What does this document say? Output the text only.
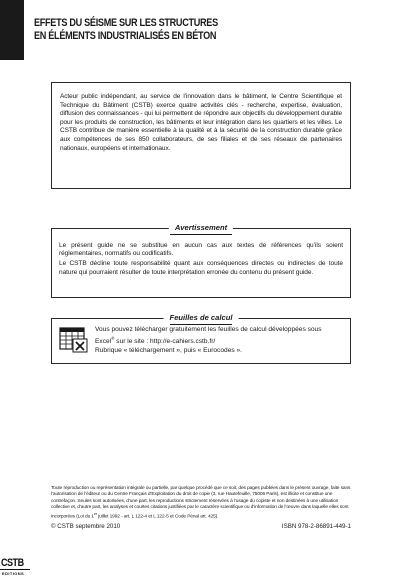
EFFETS DU SÉISME SUR LES STRUCTURES
EN ÉLÉMENTS INDUSTRIALISÉS EN BÉTON

Acteur public indépendant, au service de l’innovation dans le bâtiment, le Centre Scientifique et Technique du Bâtiment (CSTB) exerce quatre activités clés - recherche, expertise, évaluation, diffusion des connaissances - qui lui permettent de répondre aux objectifs du développement durable pour les produits de construction, les bâtiments et leur intégration dans les quartiers et les villes. Le CSTB contribue de manière essentielle à la qualité et à la sécurité de la construction durable grâce aux compétences de ses 850 collaborateurs, de ses filiales et de ses réseaux de partenaires nationaux, européens et internationaux.

Avertissement

Le présent guide ne se substitue en aucun cas aux textes de références qu’ils soient réglementaires, normatifs ou codificatifs.

Le CSTB décline toute responsabilité quant aux conséquences directes ou indirectes de toute nature qui pourraient résulter de toute interprétation erronée du contenu du présent guide.

Feuilles de calcul
Vous pouvez télécharger gratuitement les feuilles de calcul développées sous
Excel® sur le site : http://e-cahiers.cstb.fr/
Rubrique « téléchargement », puis « Eurocodes ».
Toute reproduction ou représentation intégrale ou partielle, par quelque procédé que ce soit, des pages publiées dans le présent ouvrage, faite sans l’autorisation de l’éditeur ou du Centre Français d’Exploitation du droit de copie (3, rue Hautefeuille, 75006 Paris), est illicite et constitue une contrefaçon. Seules sont autorisées, d’une part, les reproductions strictement réservées à l’usage du copiste et non destinées à une utilisation collective et, d’autre part, les analyses et courtes citations justifiées par le caractère scientifique ou d’information de l’œuvre dans laquelle elles sont incorporées (Loi du 1er juillet 1992 - art. L 122-4 et L 122-5 et Code Pénal art. 425).
© CSTB septembre 2010	ISBN 978-2-86891-449-1
CSTB
EDITIONS
